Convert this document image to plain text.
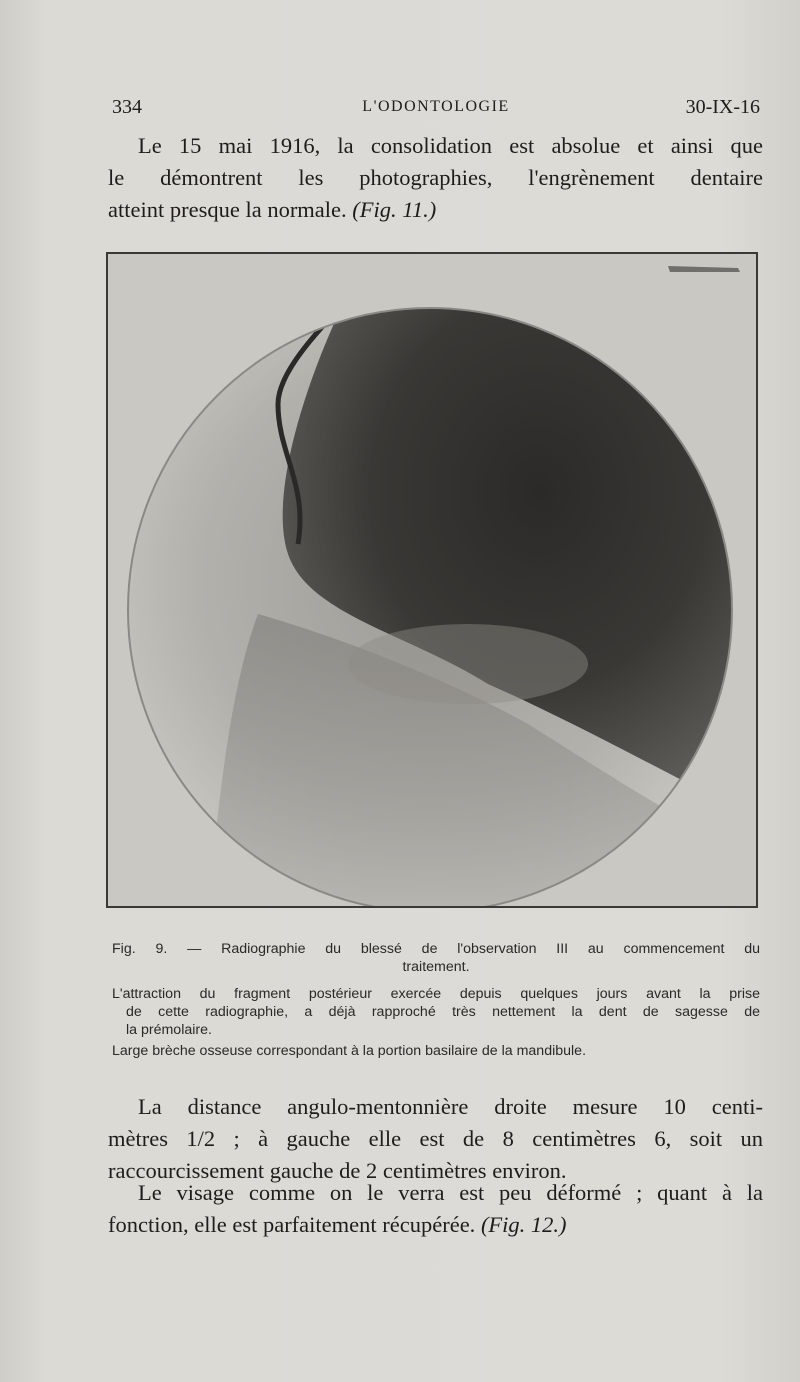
334	L'ODONTOLOGIE	30-IX-16

Le 15 mai 1916, la consolidation est absolue et ainsi que
le démontrent les photographies, l'engrènement dentaire
atteint presque la normale. (Fig. 11.)

Fig. 9. — Radiographie du blessé de l'observation III au commencement du
traitement.
L'attraction du fragment postérieur exercée depuis quelques jours avant la prise
de cette radiographie, a déjà rapproché très nettement la dent de sagesse de
la prémolaire.
Large brèche osseuse correspondant à la portion basilaire de la mandibule.

La distance angulo-mentonnière droite mesure 10 centi-
mètres 1/2 ; à gauche elle est de 8 centimètres 6, soit un
raccourcissement gauche de 2 centimètres environ.

Le visage comme on le verra est peu déformé ; quant à la
fonction, elle est parfaitement récupérée. (Fig. 12.)
